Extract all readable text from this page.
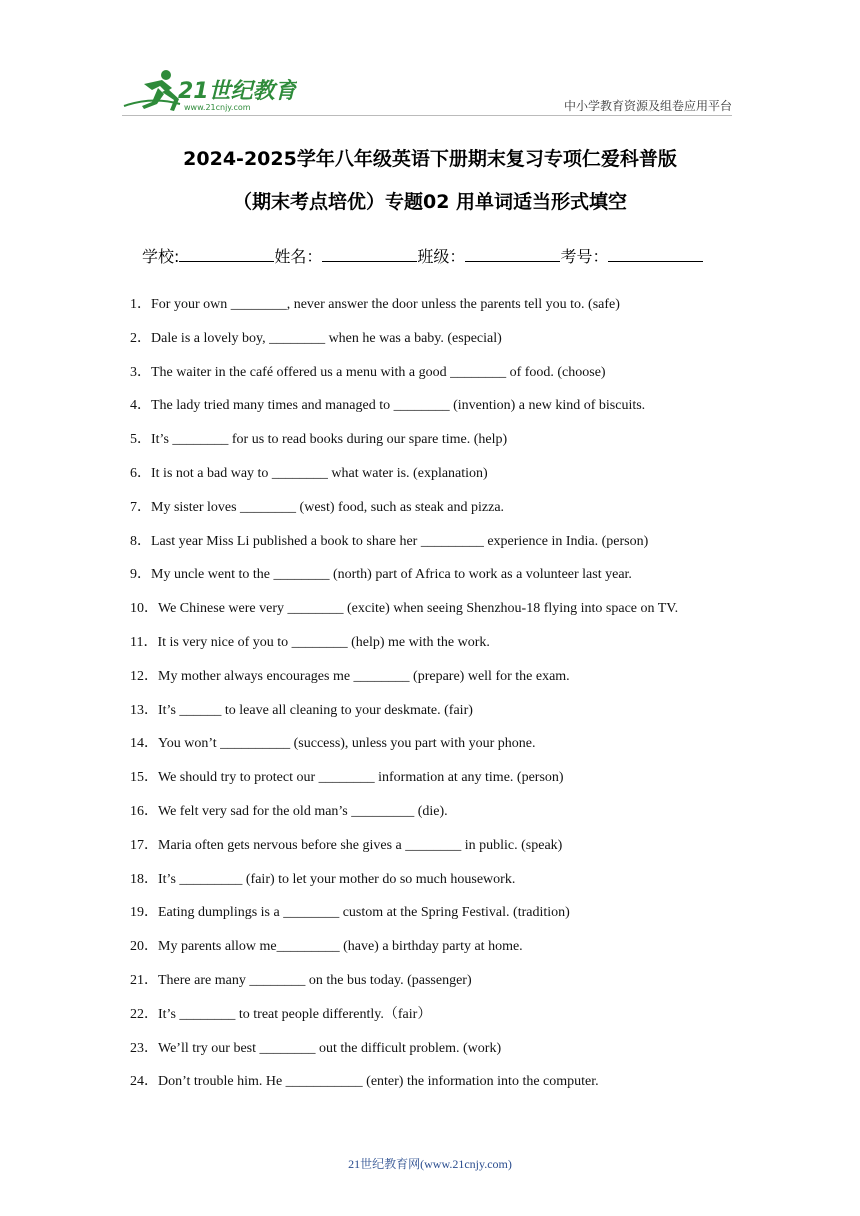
21世纪教育
www.21cnjy.com	中小学教育资源及组卷应用平台
2024-2025学年八年级英语下册期末复习专项仁爱科普版
（期末考点培优）专题02 用单词适当形式填空
学校:	姓名：	班级：	考号：
1．For your own ________, never answer the door unless the parents tell you to. (safe)
2．Dale is a lovely boy, ________ when he was a baby. (especial)
3．The waiter in the café offered us a menu with a good ________ of food. (choose)
4．The lady tried many times and managed to ________ (invention) a new kind of biscuits.
5．It’s ________ for us to read books during our spare time. (help)
6．It is not a bad way to ________ what water is. (explanation)
7．My sister loves ________ (west) food, such as steak and pizza.
8．Last year Miss Li published a book to share her _________ experience in India. (person)
9．My uncle went to the ________ (north) part of Africa to work as a volunteer last year.
10．We Chinese were very ________ (excite) when seeing Shenzhou-18 flying into space on TV.
11．It is very nice of you to ________ (help) me with the work.
12．My mother always encourages me ________ (prepare) well for the exam.
13．It’s ______ to leave all cleaning to your deskmate. (fair)
14．You won’t __________ (success), unless you part with your phone.
15．We should try to protect our ________ information at any time. (person)
16．We felt very sad for the old man’s _________ (die).
17．Maria often gets nervous before she gives a ________ in public. (speak)
18．It’s _________ (fair) to let your mother do so much housework.
19．Eating dumplings is a ________ custom at the Spring Festival. (tradition)
20．My parents allow me_________ (have) a birthday party at home.
21．There are many ________ on the bus today. (passenger)
22．It’s ________ to treat people differently.（fair）
23．We’ll try our best ________ out the difficult problem. (work)
24．Don’t trouble him. He ___________ (enter) the information into the computer.
21世纪教育网(www.21cnjy.com)
